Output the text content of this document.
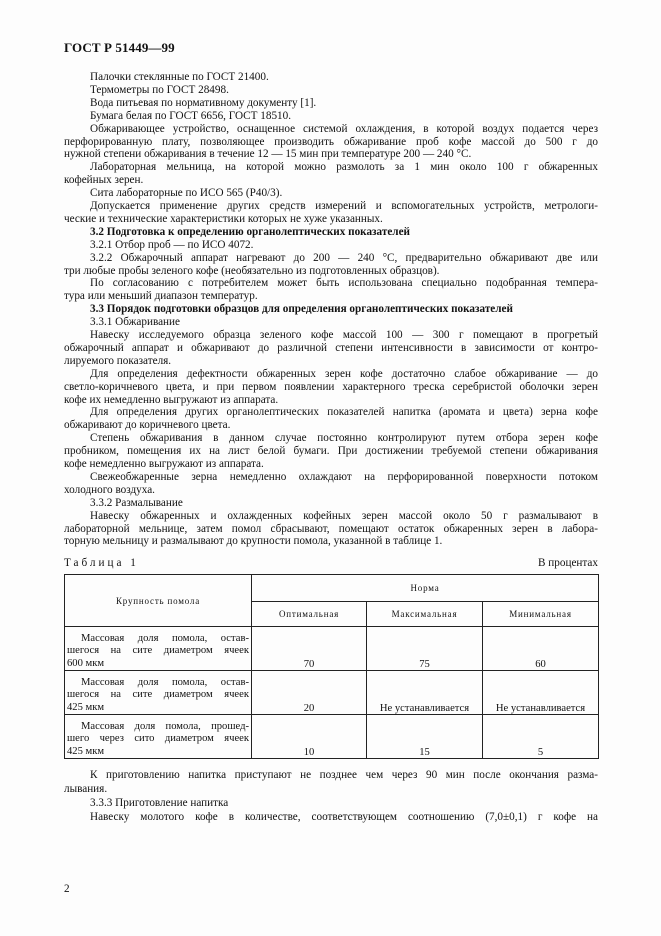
ГОСТ Р 51449—99
Палочки стеклянные по ГОСТ 21400.
Термометры по ГОСТ 28498.
Вода питьевая по нормативному документу [1].
Бумага белая по ГОСТ 6656, ГОСТ 18510.
Обжаривающее устройство, оснащенное системой охлаждения, в которой воздух подается через
перфорированную плату, позволяющее производить обжаривание проб кофе массой до 500 г до
нужной степени обжаривания в течение 12 — 15 мин при температуре 200 — 240 °С.
Лабораторная мельница, на которой можно размолоть за 1 мин около 100 г обжаренных
кофейных зерен.
Сита лабораторные по ИСО 565 (Р40/3).
Допускается применение других средств измерений и вспомогательных устройств, метрологи-
ческие и технические характеристики которых не хуже указанных.
3.2 Подготовка к определению органолептических показателей
3.2.1 Отбор проб — по ИСО 4072.
3.2.2 Обжарочный аппарат нагревают до 200 — 240 °С, предварительно обжаривают две или
три любые пробы зеленого кофе (необязательно из подготовленных образцов).
По согласованию с потребителем может быть использована специально подобранная темпера-
тура или меньший диапазон температур.
3.3 Порядок подготовки образцов для определения органолептических показателей
3.3.1 Обжаривание
Навеску исследуемого образца зеленого кофе массой 100 — 300 г помещают в прогретый
обжарочный аппарат и обжаривают до различной степени интенсивности в зависимости от контро-
лируемого показателя.
Для определения дефектности обжаренных зерен кофе достаточно слабое обжаривание — до
светло-коричневого цвета, и при первом появлении характерного треска серебристой оболочки зерен
кофе их немедленно выгружают из аппарата.
Для определения других органолептических показателей напитка (аромата и цвета) зерна кофе
обжаривают до коричневого цвета.
Степень обжаривания в данном случае постоянно контролируют путем отбора зерен кофе
пробником, помещения их на лист белой бумаги. При достижении требуемой степени обжаривания
кофе немедленно выгружают из аппарата.
Свежеобжаренные зерна немедленно охлаждают на перфорированной поверхности потоком
холодного воздуха.
3.3.2 Размалывание
Таблица 1	В процентах
Крупность помола	Норма		
	Оптимальная	Максимальная	Минимальная

Массовая доля помола, остав-
шегося на сите диаметром ячеек
600 мкм	70	75	60

Массовая доля помола, остав-
шегося на сите диаметром ячеек
425 мкм	20	Не устанавливается	Не устанавливается

Массовая доля помола, прошед-
шего через сито диаметром ячеек
425 мкм	10	15	5
К приготовлению напитка приступают не позднее чем через 90 мин после окончания разма-
лывания.
3.3.3 Приготовление напитка
Навеску молотого кофе в количестве, соответствующем соотношению (7,0±0,1) г кофе на
2
Навеску обжаренных и охлажденных кофейных зерен массой около 50 г размалывают в
лабораторной мельнице, затем помол сбрасывают, помещают остаток обжаренных зерен в лабора-
торную мельницу и размалывают до крупности помола, указанной в таблице 1.
